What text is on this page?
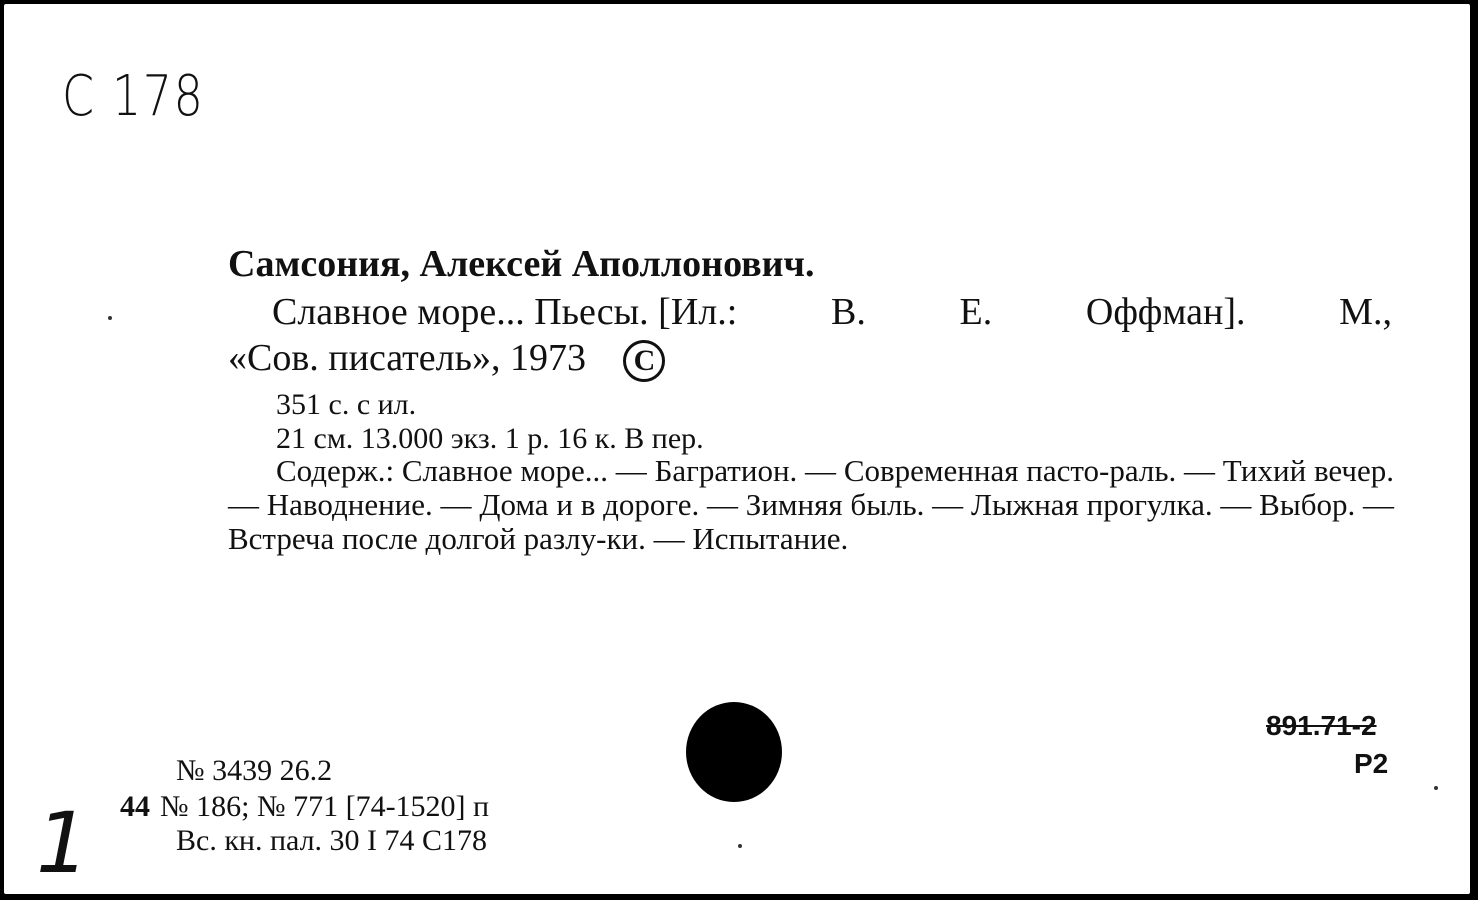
C 178
Самсония, Алексей Аполлонович.
Славное море... Пьесы. [Ил.: В. Е. Оффман]. М.,
«Сов. писатель», 1973 C
351 с. с ил.
21 см. 13.000 экз. 1 р. 16 к. В пер.
Содерж.: Славное море... — Багратион. — Современная пасто-раль. — Тихий вечер. — Наводнение. — Дома и в дороге. — Зимняя быль. — Лыжная прогулка. — Выбор. — Встреча после долгой разлу-ки. — Испытание.
№ 3439 26.2
44 № 186; № 771 [74-1520] п
Вс. кн. пал. 30 I 74 С178
1
891.71-2
Р2
